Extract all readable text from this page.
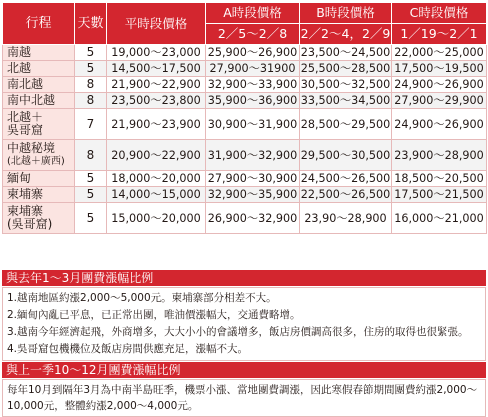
行程	天數	平時段價格	A時段價格	B時段價格	C時段價格
			2／5～2／8	2／2～4，2／9	1／19～2／1
南越	5	19,000～23,000	25,900～26,900	23,500～24,500	22,000～25,000
北越	5	14,500～17,500	27,900～31900	25,500～28,500	17,500～19,500
南北越	8	21,900～22,900	32,900～33,900	30,500～32,500	24,900～26,900
南中北越	8	23,500～23,800	35,900～36,900	33,500～34,500	27,900～29,900
北越＋
吳哥窟	7	21,900～23,900	30,900～31,900	28,500～29,500	24,900～26,900
中越秘境
(北越＋廣西)	8	20,900～22,900	31,900～32,900	29,500～30,500	23,900～28,900
緬甸	5	18,000～20,000	27,900～30,900	24,500～26,500	18,500～20,500
柬埔寨	5	14,000～15,000	32,900～35,900	22,500～26,500	17,500～21,500
柬埔寨
(吳哥窟)	5	15,000～20,000	26,900～32,900	23,90～28,900	16,000～21,000
與去年1～3月團費漲幅比例
1.越南地區約漲2,000～5,000元。柬埔寨部分相差不大。
2.緬甸內亂已平息，已正常出團，唯油價漲幅大，交通費略增。
3.越南今年經濟起飛，外商增多，大大小小的會議增多，飯店房價調高很多，住房的取得也很緊張。
4.吳哥窟包機機位及飯店房間供應充足，漲幅不大。
與上一季10～12月團費漲幅比例
每年10月到隔年3月為中南半島旺季，機票小漲、當地團費調漲，因此寒假春節期間團費約漲2,000～
10,000元，整體約漲2,000～4,000元。
